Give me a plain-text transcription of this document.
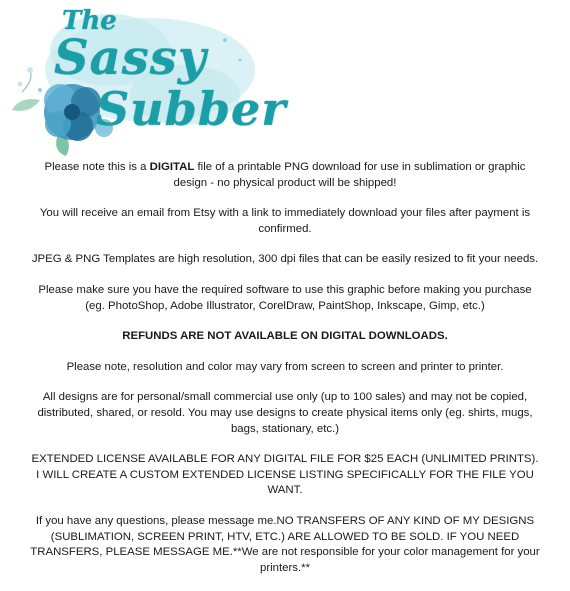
The
Sassy
Subber

Please note this is a DIGITAL file of a printable PNG download for use in sublimation or graphic design - no physical product will be shipped!

You will receive an email from Etsy with a link to immediately download your files after payment is confirmed.

JPEG & PNG Templates are high resolution, 300 dpi files that can be easily resized to fit your needs.

Please make sure you have the required software to use this graphic before making you purchase (eg. PhotoShop, Adobe Illustrator, CorelDraw, PaintShop, Inkscape, Gimp, etc.)

REFUNDS ARE NOT AVAILABLE ON DIGITAL DOWNLOADS.

Please note, resolution and color may vary from screen to screen and printer to printer.

All designs are for personal/small commercial use only (up to 100 sales) and may not be copied, distributed, shared, or resold. You may use designs to create physical items only (eg. shirts, mugs, bags, stationary, etc.)

EXTENDED LICENSE AVAILABLE FOR ANY DIGITAL FILE FOR $25 EACH (UNLIMITED PRINTS). I WILL CREATE A CUSTOM EXTENDED LICENSE LISTING SPECIFICALLY FOR THE FILE YOU WANT.

If you have any questions, please message me.NO TRANSFERS OF ANY KIND OF MY DESIGNS (SUBLIMATION, SCREEN PRINT, HTV, ETC.) ARE ALLOWED TO BE SOLD. IF YOU NEED TRANSFERS, PLEASE MESSAGE ME.**We are not responsible for your color management for your printers.**
